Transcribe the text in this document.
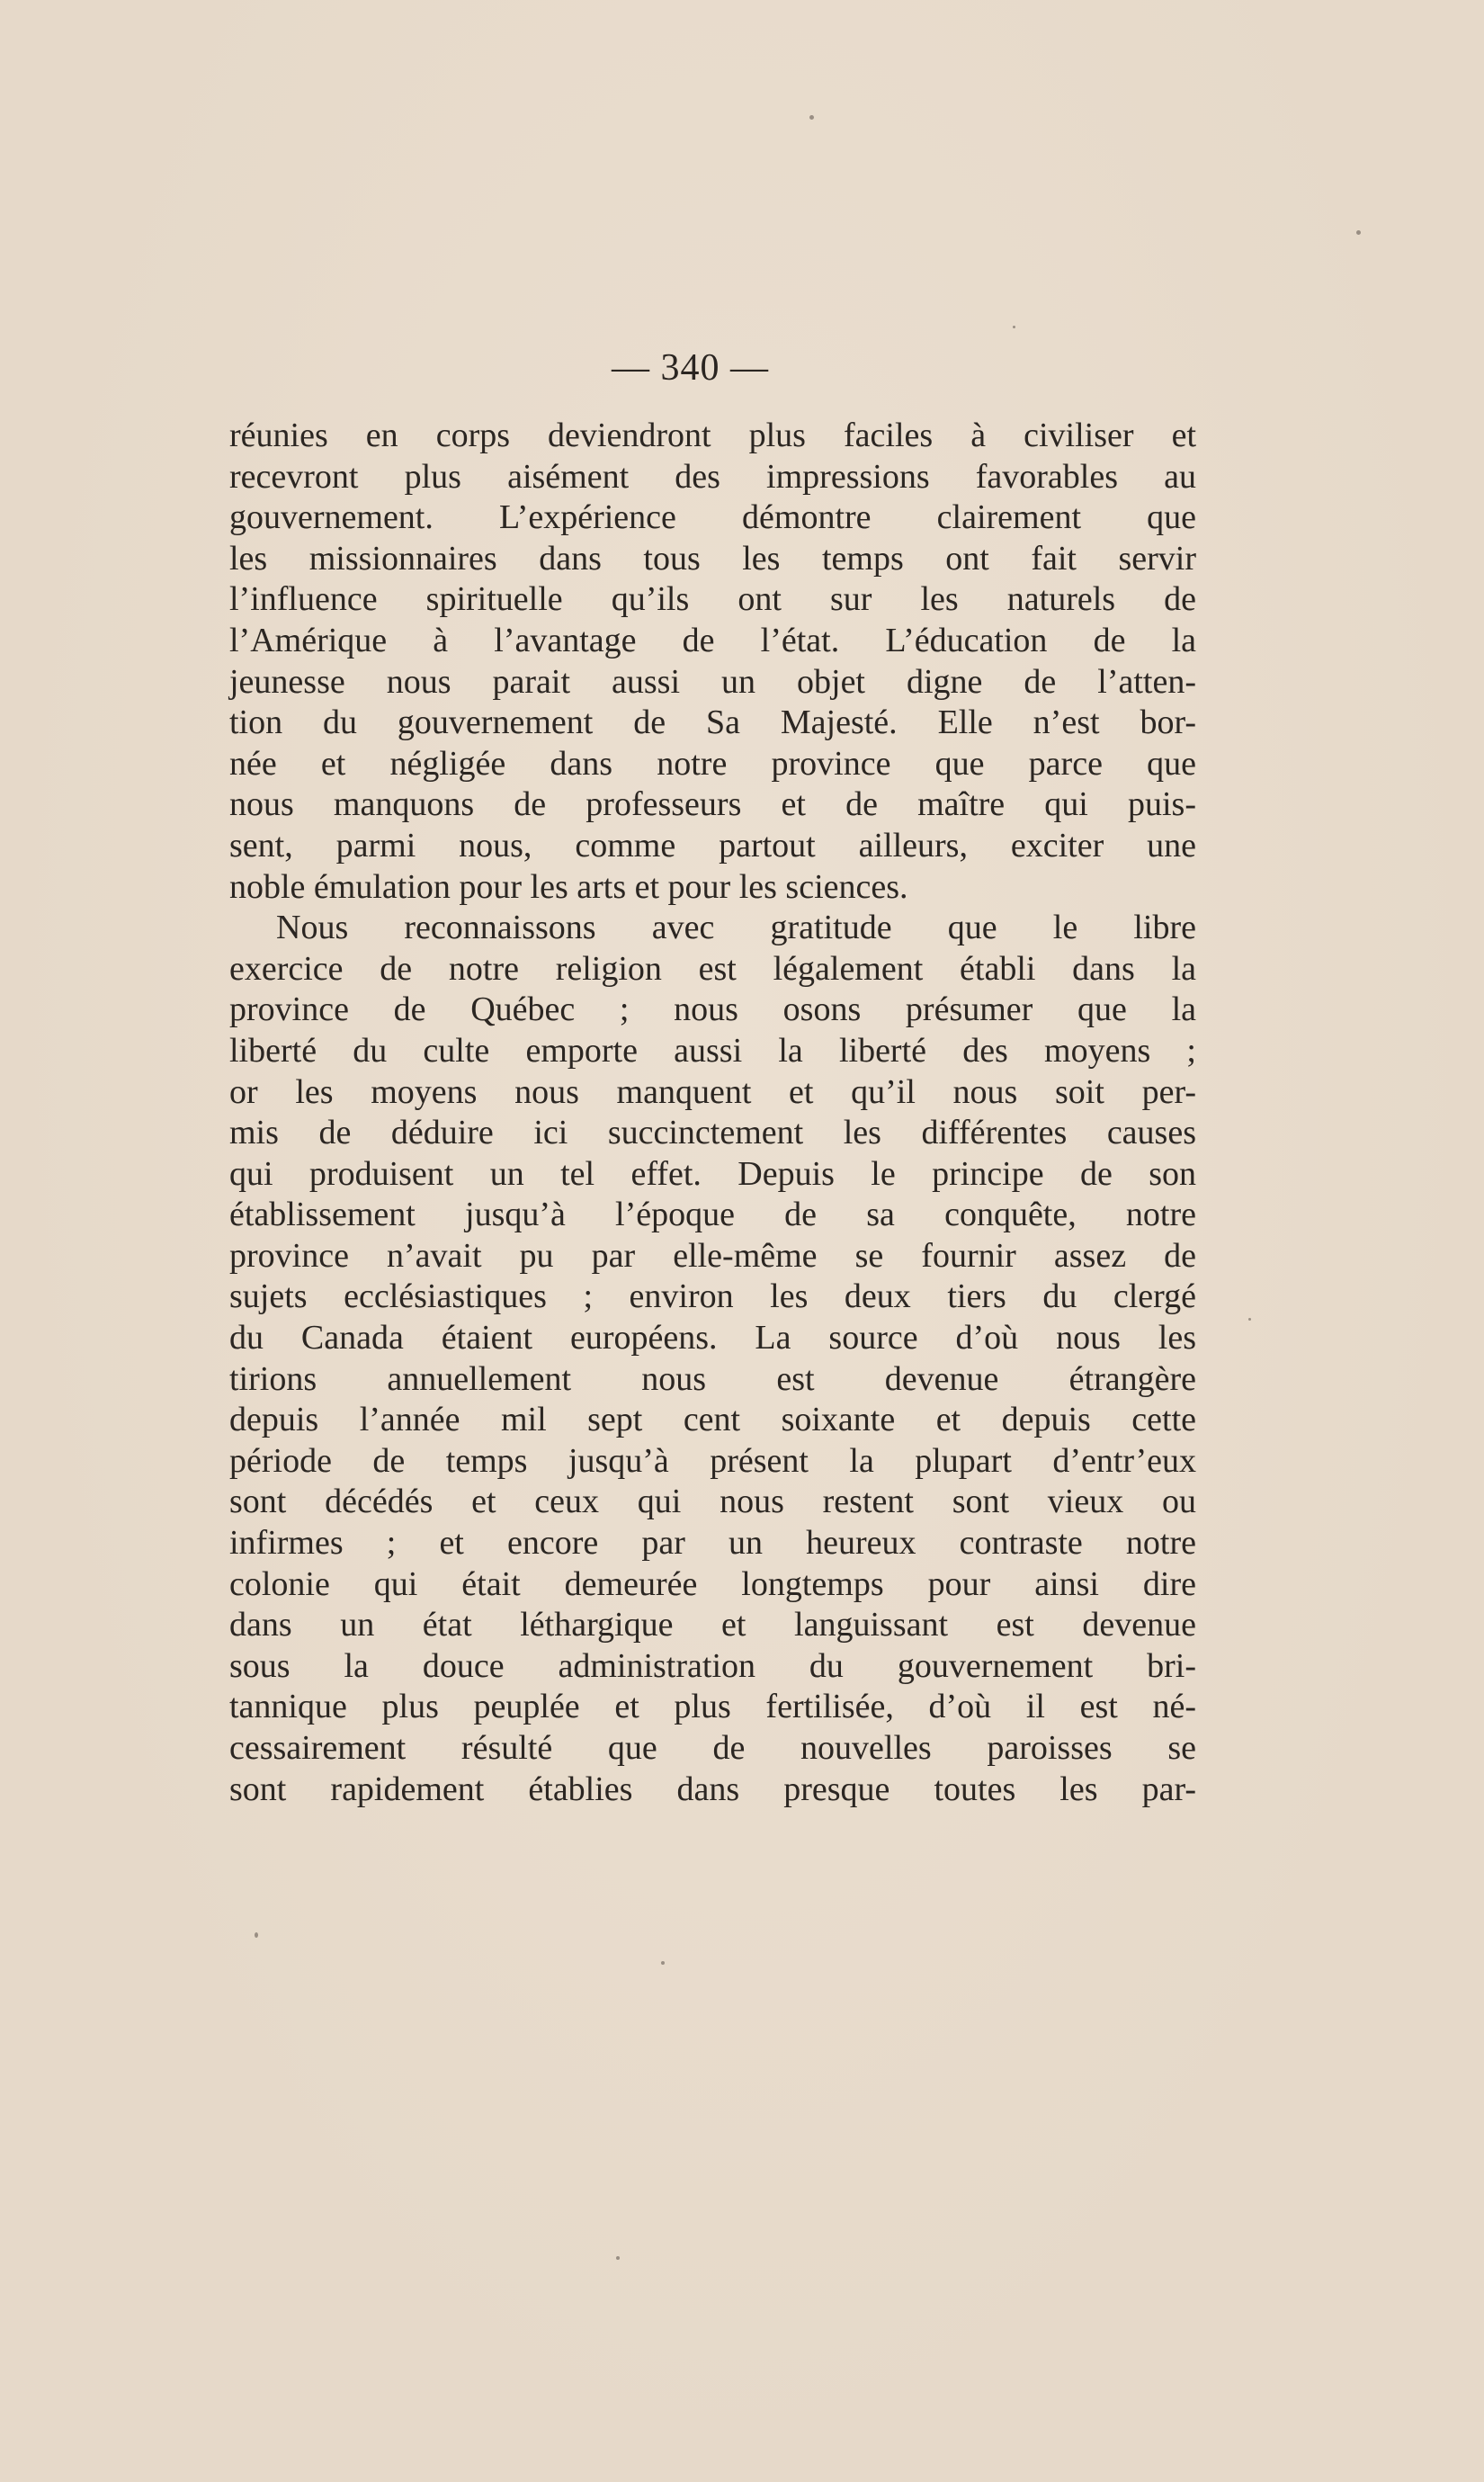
— 340 —
réunies en corps deviendront plus faciles à civiliser et
recevront plus aisément des impressions favorables au
gouvernement. L’expérience démontre clairement que
les missionnaires dans tous les temps ont fait servir
l’influence spirituelle qu’ils ont sur les naturels de
l’Amérique à l’avantage de l’état. L’éducation de la
jeunesse nous parait aussi un objet digne de l’atten-
tion du gouvernement de Sa Majesté. Elle n’est bor-
née et négligée dans notre province que parce que
nous manquons de professeurs et de maître qui puis-
sent, parmi nous, comme partout ailleurs, exciter une
noble émulation pour les arts et pour les sciences.
Nous reconnaissons avec gratitude que le libre
exercice de notre religion est légalement établi dans la
province de Québec ; nous osons présumer que la
liberté du culte emporte aussi la liberté des moyens ;
or les moyens nous manquent et qu’il nous soit per-
mis de déduire ici succinctement les différentes causes
qui produisent un tel effet. Depuis le principe de son
établissement jusqu’à l’époque de sa conquête, notre
province n’avait pu par elle-même se fournir assez de
sujets ecclésiastiques ; environ les deux tiers du clergé
du Canada étaient européens. La source d’où nous les
tirions annuellement nous est devenue étrangère
depuis l’année mil sept cent soixante et depuis cette
période de temps jusqu’à présent la plupart d’entr’eux
sont décédés et ceux qui nous restent sont vieux ou
infirmes ; et encore par un heureux contraste notre
colonie qui était demeurée longtemps pour ainsi dire
dans un état léthargique et languissant est devenue
sous la douce administration du gouvernement bri-
tannique plus peuplée et plus fertilisée, d’où il est né-
cessairement résulté que de nouvelles paroisses se
sont rapidement établies dans presque toutes les par-
